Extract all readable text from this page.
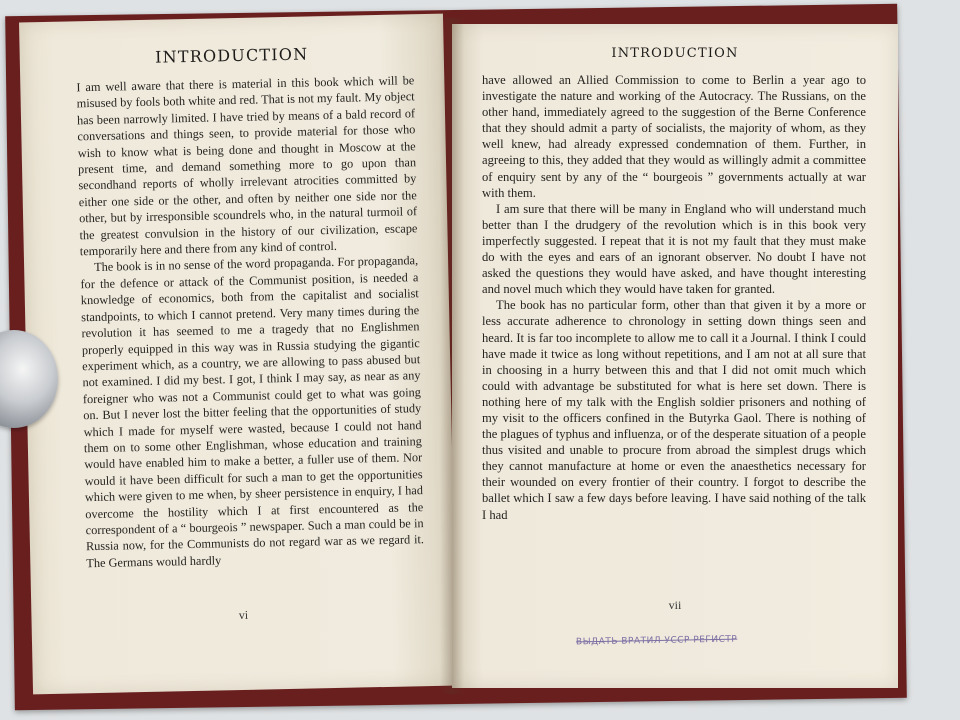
INTRODUCTION

I am well aware that there is material in this book which will be misused by fools both white and red. That is not my fault. My object has been narrowly limited. I have tried by means of a bald record of conversations and things seen, to provide material for those who wish to know what is being done and thought in Moscow at the present time, and demand something more to go upon than secondhand reports of wholly irrelevant atrocities committed by either one side or the other, and often by neither one side nor the other, but by irresponsible scoundrels who, in the natural turmoil of the greatest convulsion in the history of our civilization, escape temporarily here and there from any kind of control.

The book is in no sense of the word propaganda. For propaganda, for the defence or attack of the Communist position, is needed a knowledge of economics, both from the capitalist and socialist standpoints, to which I cannot pretend. Very many times during the revolution it has seemed to me a tragedy that no Englishmen properly equipped in this way was in Russia studying the gigantic experiment which, as a country, we are allowing to pass abused but not examined. I did my best. I got, I think I may say, as near as any foreigner who was not a Communist could get to what was going on. But I never lost the bitter feeling that the opportunities of study which I made for myself were wasted, because I could not hand them on to some other Englishman, whose education and training would have enabled him to make a better, a fuller use of them. Nor would it have been difficult for such a man to get the opportunities which were given to me when, by sheer persistence in enquiry, I had overcome the hostility which I at first encountered as the correspondent of a “ bourgeois ” newspaper. Such a man could be in Russia now, for the Communists do not regard war as we regard it. The Germans would hardly

vi
INTRODUCTION

have allowed an Allied Commission to come to Berlin a year ago to investigate the nature and working of the Autocracy. The Russians, on the other hand, immediately agreed to the suggestion of the Berne Conference that they should admit a party of socialists, the majority of whom, as they well knew, had already expressed condemnation of them. Further, in agreeing to this, they added that they would as willingly admit a committee of enquiry sent by any of the “ bourgeois ” governments actually at war with them.

I am sure that there will be many in England who will understand much better than I the drudgery of the revolution which is in this book very imperfectly suggested. I repeat that it is not my fault that they must make do with the eyes and ears of an ignorant observer. No doubt I have not asked the questions they would have asked, and have thought interesting and novel much which they would have taken for granted.

The book has no particular form, other than that given it by a more or less accurate adherence to chronology in setting down things seen and heard. It is far too incomplete to allow me to call it a Journal. I think I could have made it twice as long without repetitions, and I am not at all sure that in choosing in a hurry between this and that I did not omit much which could with advantage be substituted for what is here set down. There is nothing here of my talk with the English soldier prisoners and nothing of my visit to the officers confined in the Butyrka Gaol. There is nothing of the plagues of typhus and influenza, or of the desperate situation of a people thus visited and unable to procure from abroad the simplest drugs which they cannot manufacture at home or even the anaesthetics necessary for their wounded on every frontier of their country. I forgot to describe the ballet which I saw a few days before leaving. I have said nothing of the talk I had

vii
ВЫДАТЬ ВРАТИЛ УССР РЕГИСТР
